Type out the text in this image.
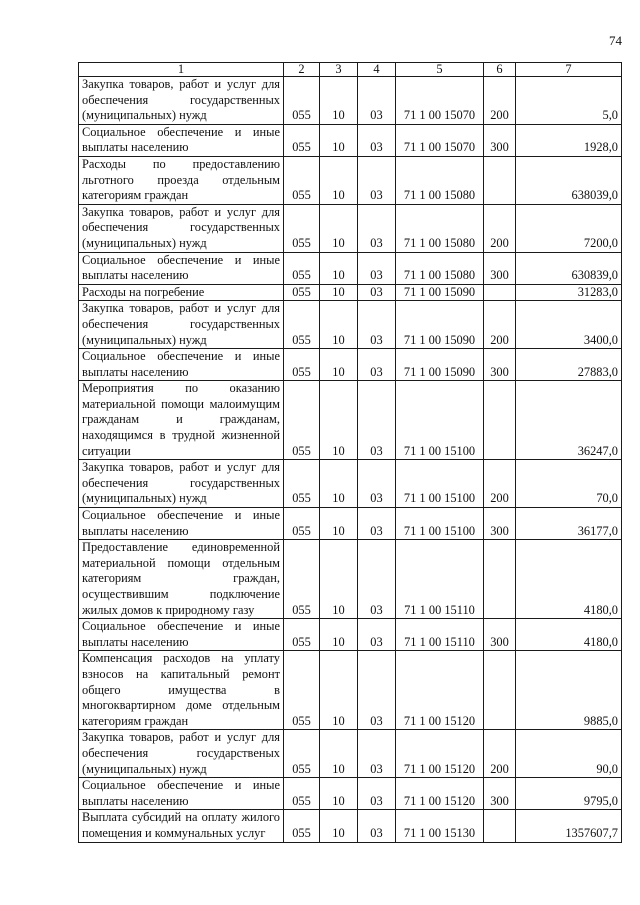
74
1	2	3	4	5	6	7
Закупка товаров, работ и услуг для обеспечения государственных (муниципальных) нужд	055	10	03	71 1 00 15070	200	5,0
Социальное обеспечение и иные выплаты населению	055	10	03	71 1 00 15070	300	1928,0
Расходы по предоставлению льготного проезда отдельным категориям граждан	055	10	03	71 1 00 15080		638039,0
Закупка товаров, работ и услуг для обеспечения государственных (муниципальных) нужд	055	10	03	71 1 00 15080	200	7200,0
Социальное обеспечение и иные выплаты населению	055	10	03	71 1 00 15080	300	630839,0
Расходы на погребение	055	10	03	71 1 00 15090		31283,0
Закупка товаров, работ и услуг для обеспечения государственных (муниципальных) нужд	055	10	03	71 1 00 15090	200	3400,0
Социальное обеспечение и иные выплаты населению	055	10	03	71 1 00 15090	300	27883,0
Мероприятия по оказанию материальной помощи малоимущим гражданам и гражданам, находящимся в трудной жизненной ситуации	055	10	03	71 1 00 15100		36247,0
Закупка товаров, работ и услуг для обеспечения государственных (муниципальных) нужд	055	10	03	71 1 00 15100	200	70,0
Социальное обеспечение и иные выплаты населению	055	10	03	71 1 00 15100	300	36177,0
Предоставление единовременной материальной помощи отдельным категориям граждан, осуществившим подключение жилых домов к природному газу	055	10	03	71 1 00 15110		4180,0
Социальное обеспечение и иные выплаты населению	055	10	03	71 1 00 15110	300	4180,0
Компенсация расходов на уплату взносов на капитальный ремонт общего имущества в многоквартирном доме отдельным категориям граждан	055	10	03	71 1 00 15120		9885,0
Закупка товаров, работ и услуг для обеспечения государственых (муниципальных) нужд	055	10	03	71 1 00 15120	200	90,0
Социальное обеспечение и иные выплаты населению	055	10	03	71 1 00 15120	300	9795,0
Выплата субсидий на оплату жилого помещения и коммунальных услуг	055	10	03	71 1 00 15130		1357607,7
